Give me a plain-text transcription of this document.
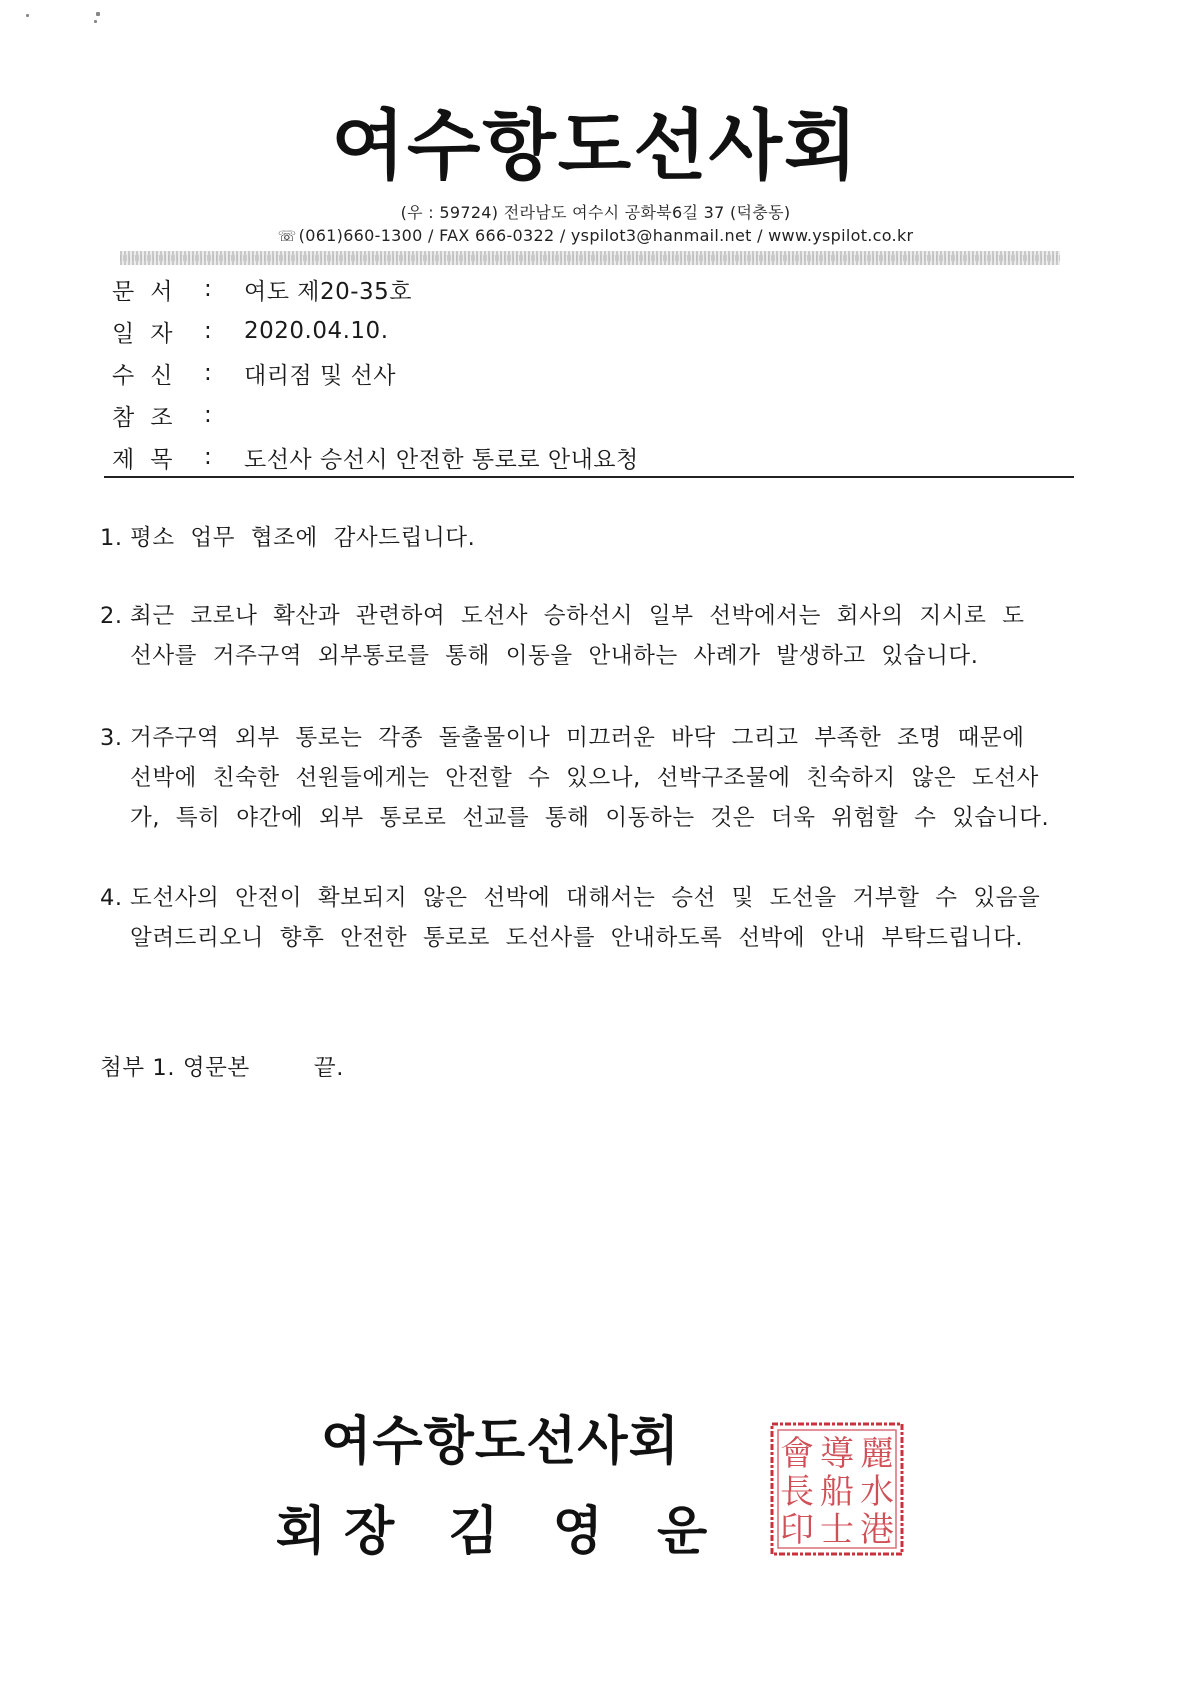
여수항도선사회
(우 : 59724) 전라남도 여수시 공화북6길 37 (덕충동)
☏ (061)660-1300 / FAX 666-0322 / yspilot3@hanmail.net / www.yspilot.co.kr
문서 :	여도 제20-35호
일자 :	2020.04.10.
수신 :	대리점 및 선사
참조 :
제목 :	도선사 승선시 안전한 통로로 안내요청
1. 평소 업무 협조에 감사드립니다.
2. 최근 코로나 확산과 관련하여 도선사 승하선시 일부 선박에서는 회사의 지시로 도
선사를 거주구역 외부통로를 통해 이동을 안내하는 사례가 발생하고 있습니다.
3. 거주구역 외부 통로는 각종 돌출물이나 미끄러운 바닥 그리고 부족한 조명 때문에
선박에 친숙한 선원들에게는 안전할 수 있으나, 선박구조물에 친숙하지 않은 도선사
가, 특히 야간에 외부 통로로 선교를 통해 이동하는 것은 더욱 위험할 수 있습니다.
4. 도선사의 안전이 확보되지 않은 선박에 대해서는 승선 및 도선을 거부할 수 있음을
알려드리오니 향후 안전한 통로로 도선사를 안내하도록 선박에 안내 부탁드립니다.
첨부 1. 영문본	끝.
여수항도선사회
회장 김 영 운
麗
水
港
導
船
士
會
長
印
